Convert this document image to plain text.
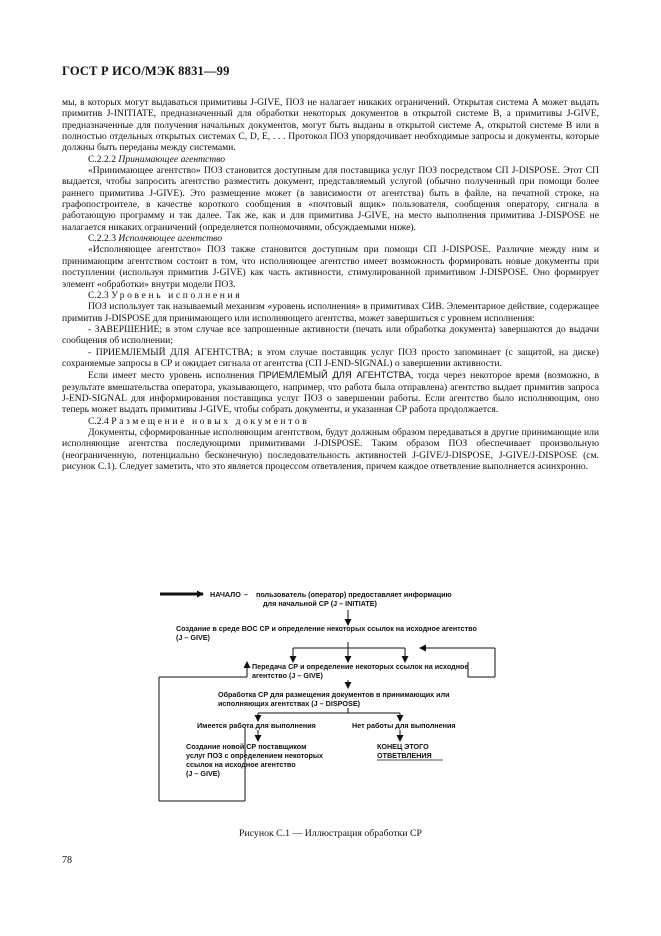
ГОСТ Р ИСО/МЭК 8831—99

мы, в которых могут выдаваться примитивы J-GIVE, ПОЗ не налагает никаких ограничений. Открытая система А может выдать примитив J-INITIATE, предназначенный для обработки некоторых документов в открытой системе В, а примитивы J-GIVE, предназначенные для получения начальных документов, могут быть выданы в открытой системе А, открытой системе В или в полностью отдельных открытых системах С, D, Е, . . . Протокол ПОЗ упорядочивает необходимые запросы и документы, которые должны быть переданы между системами.

С.2.2.2 Принимающее агентство

«Принимающее агентство» ПОЗ становится доступным для поставщика услуг ПОЗ посредством СП J-DISPOSE. Этот СП выдается, чтобы запросить агентство разместить документ, представляемый услугой (обычно полученный при помощи более раннего примитива J-GIVE). Это размещение может (в зависимости от агентства) быть в файле, на печатной строке, на графопостроителе, в качестве короткого сообщения в «почтовый ящик» пользователя, сообщения оператору, сигнала в работающую программу и так далее. Так же, как и для примитива J-GIVE, на место выполнения примитива J-DISPOSE не налагается никаких ограничений (определяется полномочиями, обсуждаемыми ниже).

С.2.2.3 Исполняющее агентство

«Исполняющее агентство» ПОЗ также становится доступным при помощи СП J-DISPOSE. Различие между ним и принимающим агентством состоит в том, что исполняющее агентство имеет возможность формировать новые документы при поступлении (используя примитив J-GIVE) как часть активности, стимулированной примитивом J-DISPOSE. Оно формирует элемент «обработки» внутри модели ПОЗ.

С.2.3 Уровень исполнения

ПОЗ использует так называемый механизм «уровень исполнения» в примитивах СИВ. Элементарное действие, содержащее примитив J-DISPOSE для принимающего или исполняющего агентства, может завершиться с уровнем исполнения:

- ЗАВЕРШЕНИЕ; в этом случае все запрошенные активности (печать или обработка документа) завершаются до выдачи сообщения об исполнении;

- ПРИЕМЛЕМЫЙ ДЛЯ АГЕНТСТВА; в этом случае поставщик услуг ПОЗ просто запоминает (с защитой, на диске) сохраняемые запросы в СР и ожидает сигнала от агентства (СП J-END-SIGNAL) о завершении активности.

Если имеет место уровень исполнения ПРИЕМЛЕМЫЙ ДЛЯ АГЕНТСТВА, тогда через некоторое время (возможно, в результате вмешательства оператора, указывающего, например, что работа была отправлена) агентство выдает примитив запроса J-END-SIGNAL для информирования поставщика услуг ПОЗ о завершении работы. Если агентство было исполняющим, оно теперь может выдать примитивы J-GIVE, чтобы собрать документы, и указанная СР работа продолжается.

С.2.4 Размещение новых документов

Документы, сформированные исполняющим агентством, будут должным образом передаваться в другие принимающие или исполняющие агентства последующими примитивами J-DISPOSE. Таким образом ПОЗ обеспечивает произвольную (неограниченную, потенциально бесконечную) последовательность активностей J-GIVE/J-DISPOSE, J-GIVE/J-DISPOSE (см. рисунок С.1). Следует заметить, что это является процессом ответвления, причем каждое ответвление выполняется асинхронно.

НАЧАЛО – пользователь (оператор) предоставляет информацию
для начальной СР (J – INITIATE)
Создание в среде ВОС СР и определение некоторых ссылок на исходное агентство
(J – GIVE)
Передача СР и определение некоторых ссылок на исходное
агентство (J – GIVE)
Обработка СР для размещения документов в принимающих или
исполняющих агентствах (J – DISPOSE)
Имеется работа для выполнения	Нет работы для выполнения
Создание новой СР поставщиком
услуг ПОЗ с определением некоторых
ссылок на исходное агентство
(J – GIVE)
КОНЕЦ ЭТОГО
ОТВЕТВЛЕНИЯ
Рисунок С.1 — Иллюстрация обработки СР
78
